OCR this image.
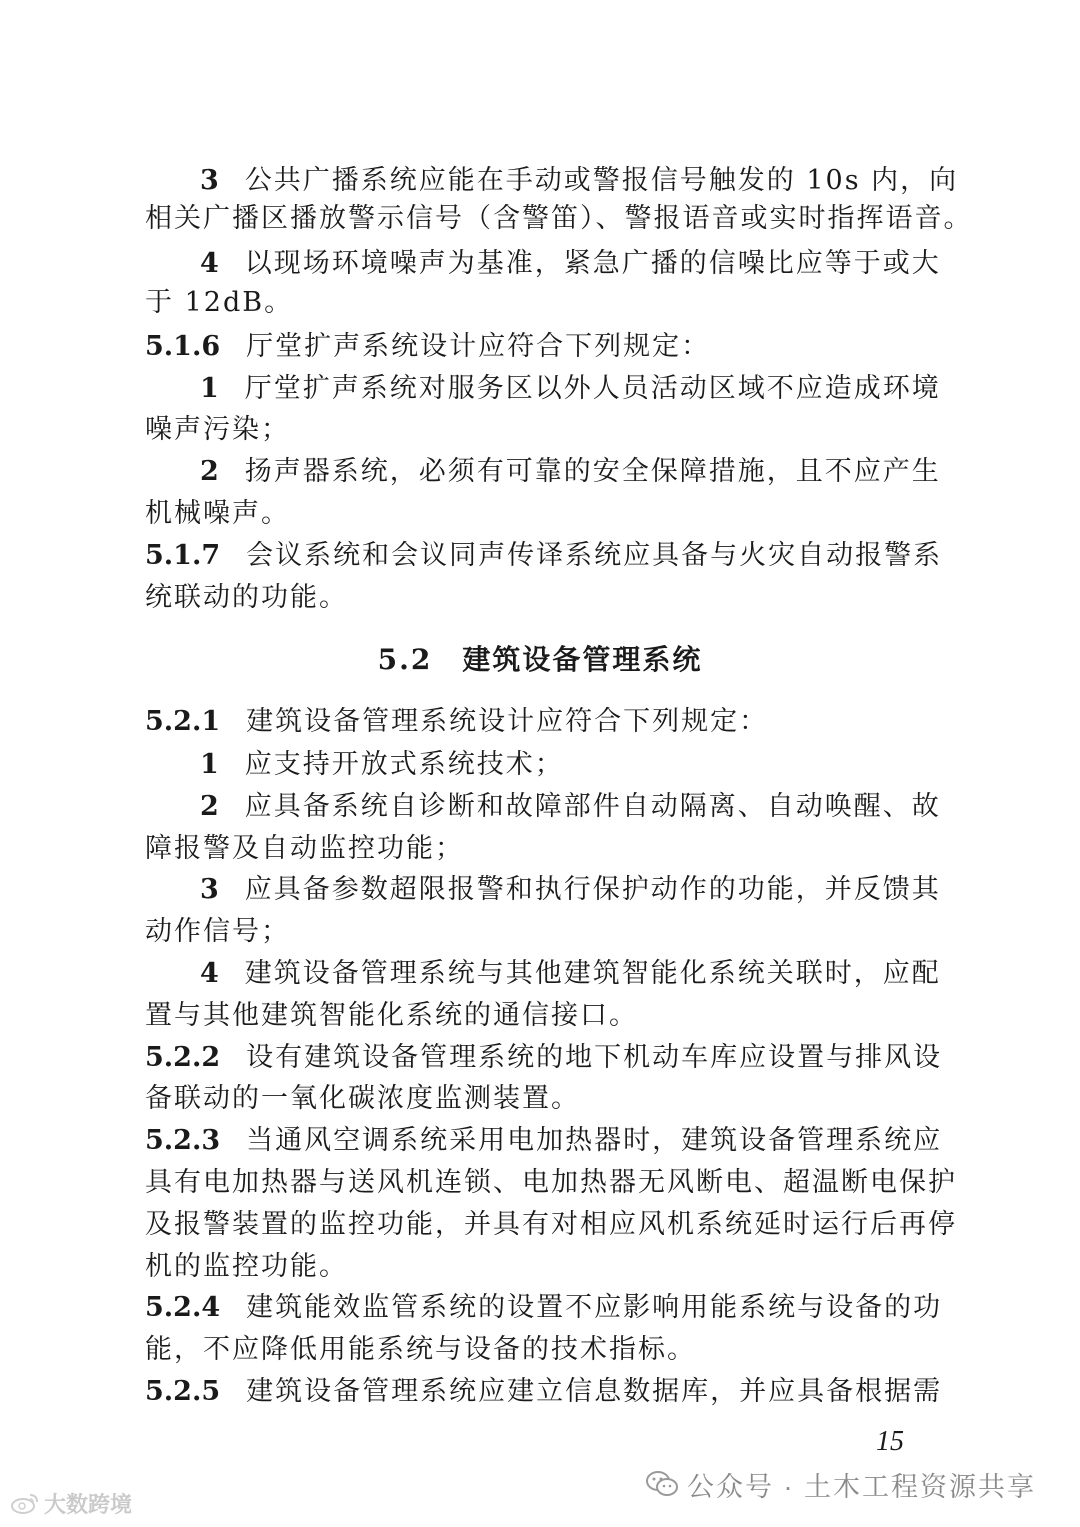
3 公共广播系统应能在手动或警报信号触发的 10s 内，向
相关广播区播放警示信号（含警笛）、警报语音或实时指挥语音。
4 以现场环境噪声为基准，紧急广播的信噪比应等于或大
于 12dB。
5.1.6 厅堂扩声系统设计应符合下列规定：
1 厅堂扩声系统对服务区以外人员活动区域不应造成环境
噪声污染；
2 扬声器系统，必须有可靠的安全保障措施，且不应产生
机械噪声。
5.1.7 会议系统和会议同声传译系统应具备与火灾自动报警系
统联动的功能。
5.2 建筑设备管理系统
5.2.1 建筑设备管理系统设计应符合下列规定：
1 应支持开放式系统技术；
2 应具备系统自诊断和故障部件自动隔离、自动唤醒、故
障报警及自动监控功能；
3 应具备参数超限报警和执行保护动作的功能，并反馈其
动作信号；
4 建筑设备管理系统与其他建筑智能化系统关联时，应配
置与其他建筑智能化系统的通信接口。
5.2.2 设有建筑设备管理系统的地下机动车库应设置与排风设
备联动的一氧化碳浓度监测装置。
5.2.3 当通风空调系统采用电加热器时，建筑设备管理系统应
具有电加热器与送风机连锁、电加热器无风断电、超温断电保护
及报警装置的监控功能，并具有对相应风机系统延时运行后再停
机的监控功能。
5.2.4 建筑能效监管系统的设置不应影响用能系统与设备的功
能，不应降低用能系统与设备的技术指标。
5.2.5 建筑设备管理系统应建立信息数据库，并应具备根据需
15
公众号 · 土木工程资源共享
大数跨境
